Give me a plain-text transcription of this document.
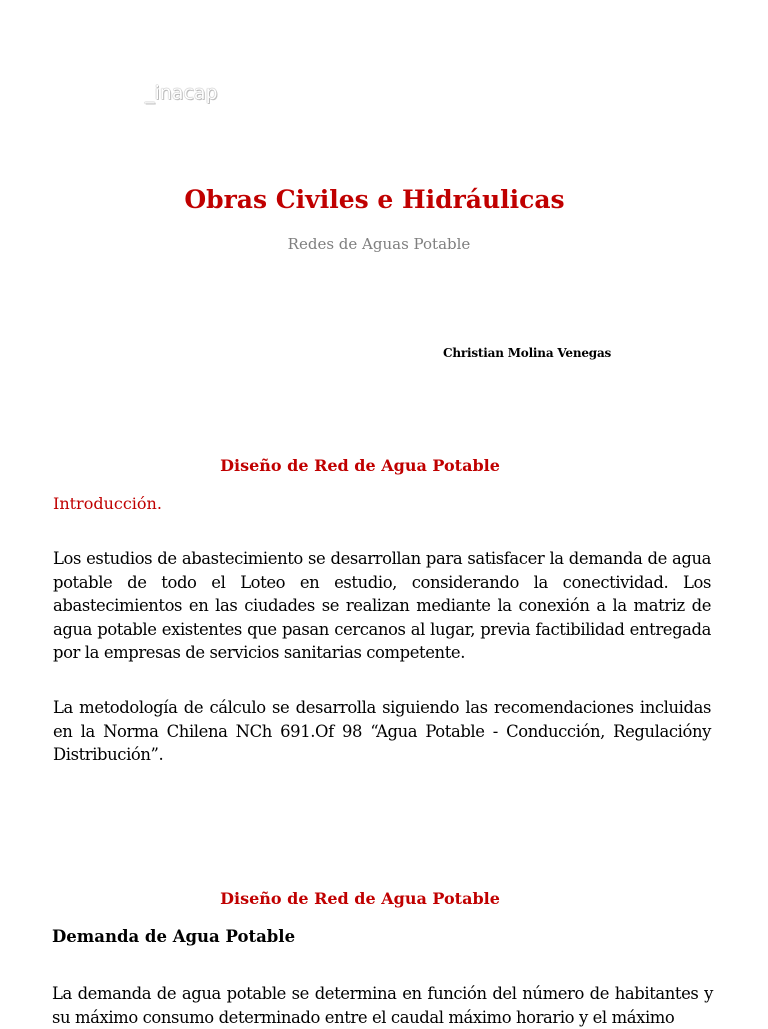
_inacap
Obras Civiles e Hidráulicas
Redes de Aguas Potable
Christian Molina Venegas
Diseño de Red de Agua Potable
Introducción.

Los estudios de abastecimiento se desarrollan para satisfacer la demanda de agua potable de todo el Loteo en estudio, considerando la conectividad. Los abastecimientos en las ciudades se realizan mediante la conexión a la matriz de agua potable existentes que pasan cercanos al lugar, previa factibilidad entregada por la empresas de servicios sanitarias competente.

La metodología de cálculo se desarrolla siguiendo las recomendaciones incluidas en la Norma Chilena NCh 691.Of 98 “Agua Potable - Conducción, Regulacióny Distribución”.

Diseño de Red de Agua Potable
Demanda de Agua Potable

La demanda de agua potable se determina en función del número de habitantes y su máximo consumo determinado entre el caudal máximo horario y el máximo
